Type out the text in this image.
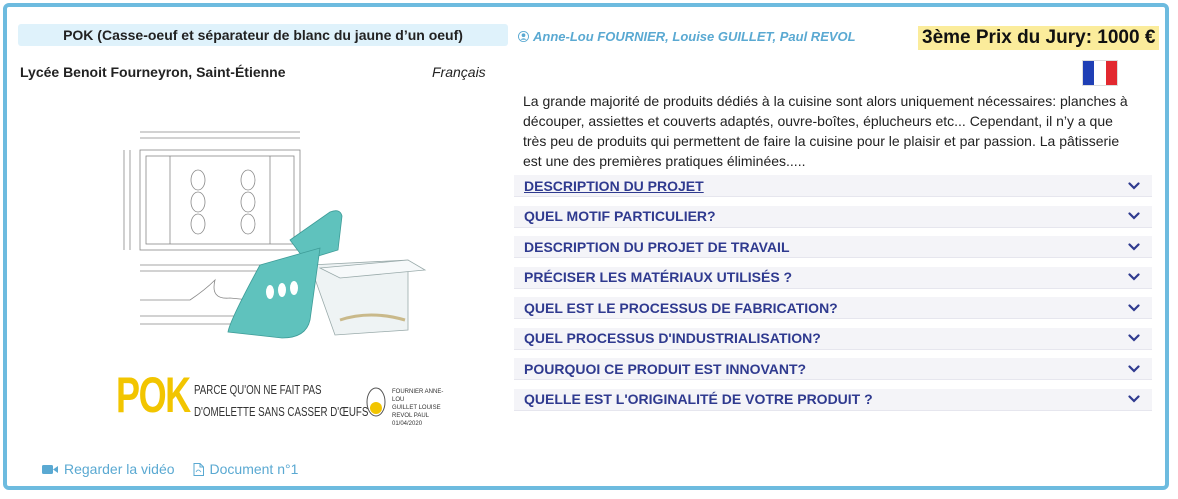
POK (Casse-oeuf et séparateur de blanc du jaune d’un oeuf)	Anne-Lou FOURNIER, Louise GUILLET, Paul REVOL	3ème Prix du Jury: 1000 €
Lycée Benoit Fourneyron, Saint-Étienne	Français
La grande majorité de produits dédiés à la cuisine sont alors uniquement nécessaires: planches à découper, assiettes et couverts adaptés, ouvre-boîtes, éplucheurs etc... Cependant, il n’y a que très peu de produits qui permettent de faire la cuisine pour le plaisir et par passion. La pâtisserie est une des premières pratiques éliminées.....
DESCRIPTION DU PROJET
QUEL MOTIF PARTICULIER?
DESCRIPTION DU PROJET DE TRAVAIL
PRÉCISER LES MATÉRIAUX UTILISÉS ?
QUEL EST LE PROCESSUS DE FABRICATION?
QUEL PROCESSUS D'INDUSTRIALISATION?
POURQUOI CE PRODUIT EST INNOVANT?
QUELLE EST L'ORIGINALITÉ DE VOTRE PRODUIT ?
POK PARCE QU'ON NE FAIT PAS
D'OMELETTE SANS CASSER D'ŒUFS
FOURNIER ANNE-LOU
GUILLET LOUISE
REVOL PAUL
01/04/2020
Regarder la vidéo	Document n°1
